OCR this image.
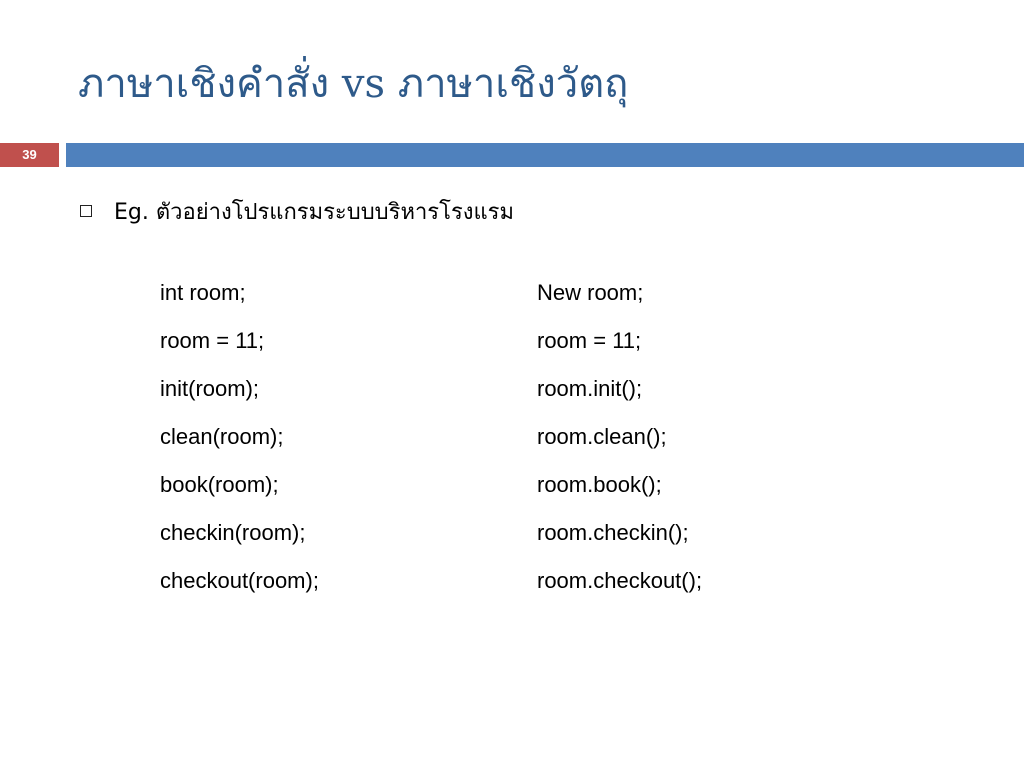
ภาษาเชิงคำสั่ง vs ภาษาเชิงวัตถุ
39
Eg. ตัวอย่างโปรแกรมระบบบริหารโรงแรม
int room;
room = 11;
init(room);
clean(room);
book(room);
checkin(room);
checkout(room);
New room;
room = 11;
room.init();
room.clean();
room.book();
room.checkin();
room.checkout();
